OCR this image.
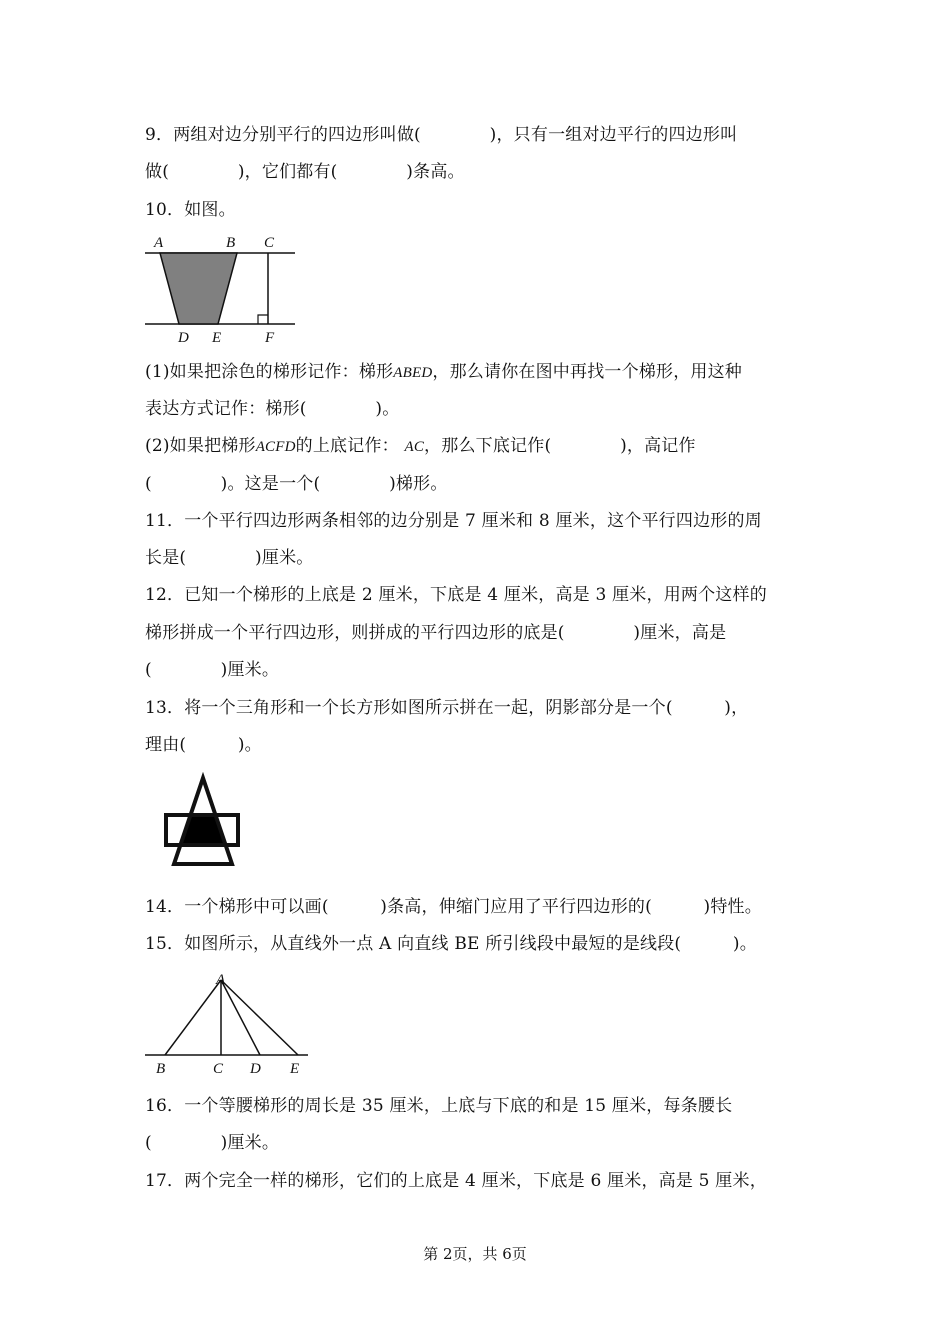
9．两组对边分别平行的四边形叫做(　　　　)，只有一组对边平行的四边形叫
做(　　　　)，它们都有(　　　　)条高。
10．如图。
A	B C
D E	F
(1)如果把涂色的梯形记作：梯形ABED，那么请你在图中再找一个梯形，用这种
表达方式记作：梯形(　　　　)。
(2)如果把梯形ACFD的上底记作： AC，那么下底记作(　　　　)，高记作
(　　　　)。这是一个(　　　　)梯形。
11．一个平行四边形两条相邻的边分别是 7 厘米和 8 厘米，这个平行四边形的周
长是(　　　　)厘米。
12．已知一个梯形的上底是 2 厘米，下底是 4 厘米，高是 3 厘米，用两个这样的
梯形拼成一个平行四边形，则拼成的平行四边形的底是(　　　　)厘米，高是
(　　　　)厘米。
13．将一个三角形和一个长方形如图所示拼在一起，阴影部分是一个(　　　)，
理由(　　　)。
14．一个梯形中可以画(　　　)条高，伸缩门应用了平行四边形的(　　　)特性。
15．如图所示，从直线外一点 A 向直线 BE 所引线段中最短的是线段(　　　)。
A
B	C D E
16．一个等腰梯形的周长是 35 厘米，上底与下底的和是 15 厘米，每条腰长
(　　　　)厘米。
17．两个完全一样的梯形，它们的上底是 4 厘米，下底是 6 厘米，高是 5 厘米，
第 2页，共 6页
